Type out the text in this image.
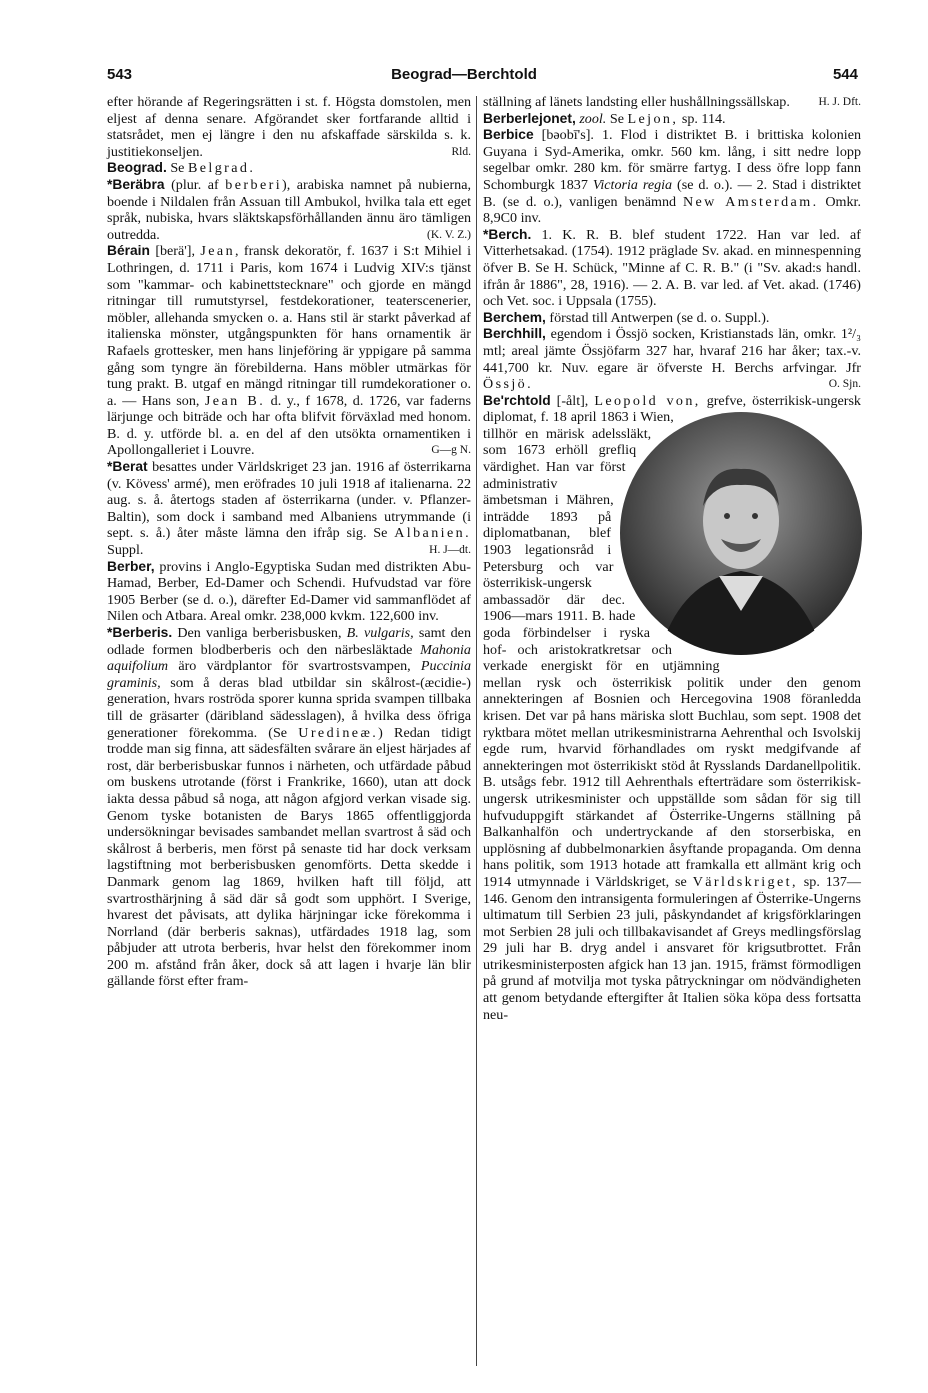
543	Beograd—Berchtold	544

efter hörande af Regeringsrätten i st. f. Högsta domstolen, men eljest af denna senare. Afgörandet sker fortfarande alltid i statsrådet, men ej längre i den nu afskaffade särskilda s. k. justitiekonseljen.	Rld.

Beograd. Se Belgrad.

*Beräbra (plur. af berberi), arabiska namnet på nubierna, boende i Nildalen från Assuan till Ambukol, hvilka tala ett eget språk, nubiska, hvars släktskapsförhållanden ännu äro tämligen outredda.	(K. V. Z.)

Bérain [berä'], Jean, fransk dekoratör, f. 1637 i S:t Mihiel i Lothringen, d. 1711 i Paris, kom 1674 i Ludvig XIV:s tjänst som "kammar- och kabinettstecknare" och gjorde en mängd ritningar till rumutstyrsel, festdekorationer, teaterscenerier, möbler, allehanda smycken o. a. Hans stil är starkt påverkad af italienska mönster, utgångspunkten för hans ornamentik är Rafaels grottesker, men hans linjeföring är yppigare på samma gång som tyngre än förebilderna. Hans möbler utmärkas för tung prakt. B. utgaf en mängd ritningar till rumdekorationer o. a. — Hans son, Jean B. d. y., f 1678, d. 1726, var faderns lärjunge och biträde och har ofta blifvit förväxlad med honom. B. d. y. utförde bl. a. en del af den utsökta ornamentiken i Apollongalleriet i Louvre.	G—g N.

*Berat besattes under Världskriget 23 jan. 1916 af österrikarna (v. Kövess' armé), men eröfrades 10 juli 1918 af italienarna. 22 aug. s. å. återtogs staden af österrikarna (under. v. Pflanzer-Baltin), som dock i samband med Albaniens utrymmande (i sept. s. å.) åter måste lämna den ifråp sig. Se Albanien. Suppl.	H. J—dt.

Berber, provins i Anglo-Egyptiska Sudan med distrikten Abu-Hamad, Berber, Ed-Damer och Schendi. Hufvudstad var före 1905 Berber (se d. o.), därefter Ed-Damer vid sammanflödet af Nilen och Atbara. Areal omkr. 238,000 kvkm. 122,600 inv.

*Berberis. Den vanliga berberisbusken, B. vulgaris, samt den odlade formen blodberberis och den närbesläktade Mahonia aquifolium äro värdplantor för svartrostsvampen, Puccinia graminis, som å deras blad utbildar sin skålrost-(æcidie-) generation, hvars roströda sporer kunna sprida svampen tillbaka till de gräsarter (däribland sädesslagen), å hvilka dess öfriga generationer förekomma. (Se Uredineæ.) Redan tidigt trodde man sig finna, att sädesfälten svårare än eljest härjades af rost, där berberisbuskar funnos i närheten, och utfärdade påbud om buskens utrotande (först i Frankrike, 1660), utan att dock iakta dessa påbud så noga, att någon afgjord verkan visade sig. Genom tyske botanisten de Barys 1865 offentliggjorda undersökningar bevisades sambandet mellan svartrost å säd och skålrost å berberis, men först på senaste tid har dock verksam lagstiftning mot berberisbusken genomförts. Detta skedde i Danmark genom lag 1869, hvilken haft till följd, att svartrosthärjning å säd där så godt som upphört. I Sverige, hvarest det påvisats, att dylika härjningar icke förekomma i Norrland (där berberis saknas), utfärdades 1918 lag, som påbjuder att utrota berberis, hvar helst den förekommer inom 200 m. afstånd från åker, dock så att lagen i hvarje län blir gällande först efter fram-

ställning af länets landsting eller hushållningssällskap.	H. J. Dft.

Berberlejonet, zool. Se Lejon, sp. 114.

Berbice [bəobī's]. 1. Flod i distriktet B. i brittiska kolonien Guyana i Syd-Amerika, omkr. 560 km. lång, i sitt nedre lopp segelbar omkr. 280 km. för smärre fartyg. I dess öfre lopp fann Schomburgk 1837 Victoria regia (se d. o.). — 2. Stad i distriktet B. (se d. o.), vanligen benämnd New Amsterdam. Omkr. 8,9C0 inv.

*Berch. 1. K. R. B. blef student 1722. Han var led. af Vitterhetsakad. (1754). 1912 präglade Sv. akad. en minnespenning öfver B. Se H. Schück, "Minne af C. R. B." (i "Sv. akad:s handl. ifrån år 1886", 28, 1916). — 2. A. B. var led. af Vet. akad. (1746) och Vet. soc. i Uppsala (1755).

Berchem, förstad till Antwerpen (se d. o. Suppl.).

Berchhill, egendom i Össjö socken, Kristianstads län, omkr. 1²/₃ mtl; areal jämte Össjöfarm 327 har, hvaraf 216 har åker; tax.-v. 441,700 kr. Nuv. egare är öfverste H. Berchs arfvingar. Jfr Össjö.	O. Sjn.

Be'rchtold [-ålt], Leopold von, grefve, österrikisk-ungersk diplomat, f. 18 april 1863 i Wien, tillhör en märisk adelssläkt, som 1673 erhöll grefliq värdighet. Han var först administrativ ämbetsman i Mähren, inträdde 1893 på diplomatbanan, blef 1903 legationsråd i Petersburg och var österrikisk-ungersk ambassadör där dec. 1906—mars 1911. B. hade goda förbindelser i ryska hof- och aristokratkretsar och verkade energiskt för en utjämning mellan rysk och österrikisk politik under den genom annekteringen af Bosnien och Hercegovina 1908 föranledda krisen. Det var på hans märiska slott Buchlau, som sept. 1908 det ryktbara mötet mellan utrikesministrarna Aehrenthal och Isvolskij egde rum, hvarvid förhandlades om ryskt medgifvande af annekteringen mot österrikiskt stöd åt Rysslands Dardanellpolitik. B. utsågs febr. 1912 till Aehrenthals efterträdare som österrikisk-ungersk utrikesminister och uppställde som sådan för sig till hufvuduppgift stärkandet af Österrike-Ungerns ställning på Balkanhalfön och undertryckande af den storserbiska, en upplösning af dubbelmonarkien åsyftande propaganda. Om denna hans politik, som 1913 hotade att framkalla ett allmänt krig och 1914 utmynnade i Världskriget, se Världskriget, sp. 137—146. Genom den intransigenta formuleringen af Österrike-Ungerns ultimatum till Serbien 23 juli, påskyndandet af krigsförklaringen mot Serbien 28 juli och tillbakavisandet af Greys medlingsförslag 29 juli har B. dryg andel i ansvaret för krigsutbrottet. Från utrikesministerposten afgick han 13 jan. 1915, främst förmodligen på grund af motvilja mot tyska påtryckningar om nödvändigheten att genom betydande eftergifter åt Italien söka köpa dess fortsatta neu-
